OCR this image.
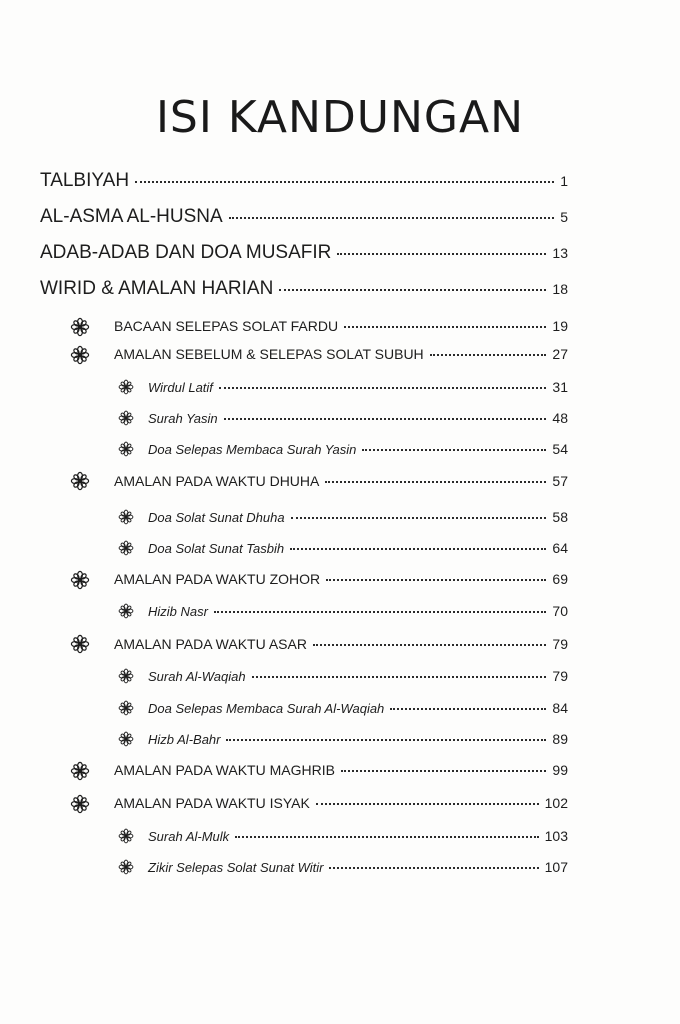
ISI KANDUNGAN
TALBIYAH	1
AL-ASMA AL-HUSNA	5
ADAB-ADAB DAN DOA MUSAFIR	13
WIRID & AMALAN HARIAN	18
BACAAN SELEPAS SOLAT FARDU	19
AMALAN SEBELUM & SELEPAS SOLAT SUBUH	27
Wirdul Latif	31
Surah Yasin	48
Doa Selepas Membaca Surah Yasin	54
AMALAN PADA WAKTU DHUHA	57
Doa Solat Sunat Dhuha	58
Doa Solat Sunat Tasbih	64
AMALAN PADA WAKTU ZOHOR	69
Hizib Nasr	70
AMALAN PADA WAKTU ASAR	79
Surah Al-Waqiah	79
Doa Selepas Membaca Surah Al-Waqiah	84
Hizb Al-Bahr	89
AMALAN PADA WAKTU MAGHRIB	99
AMALAN PADA WAKTU ISYAK	102
Surah Al-Mulk	103
Zikir Selepas Solat Sunat Witir	107
